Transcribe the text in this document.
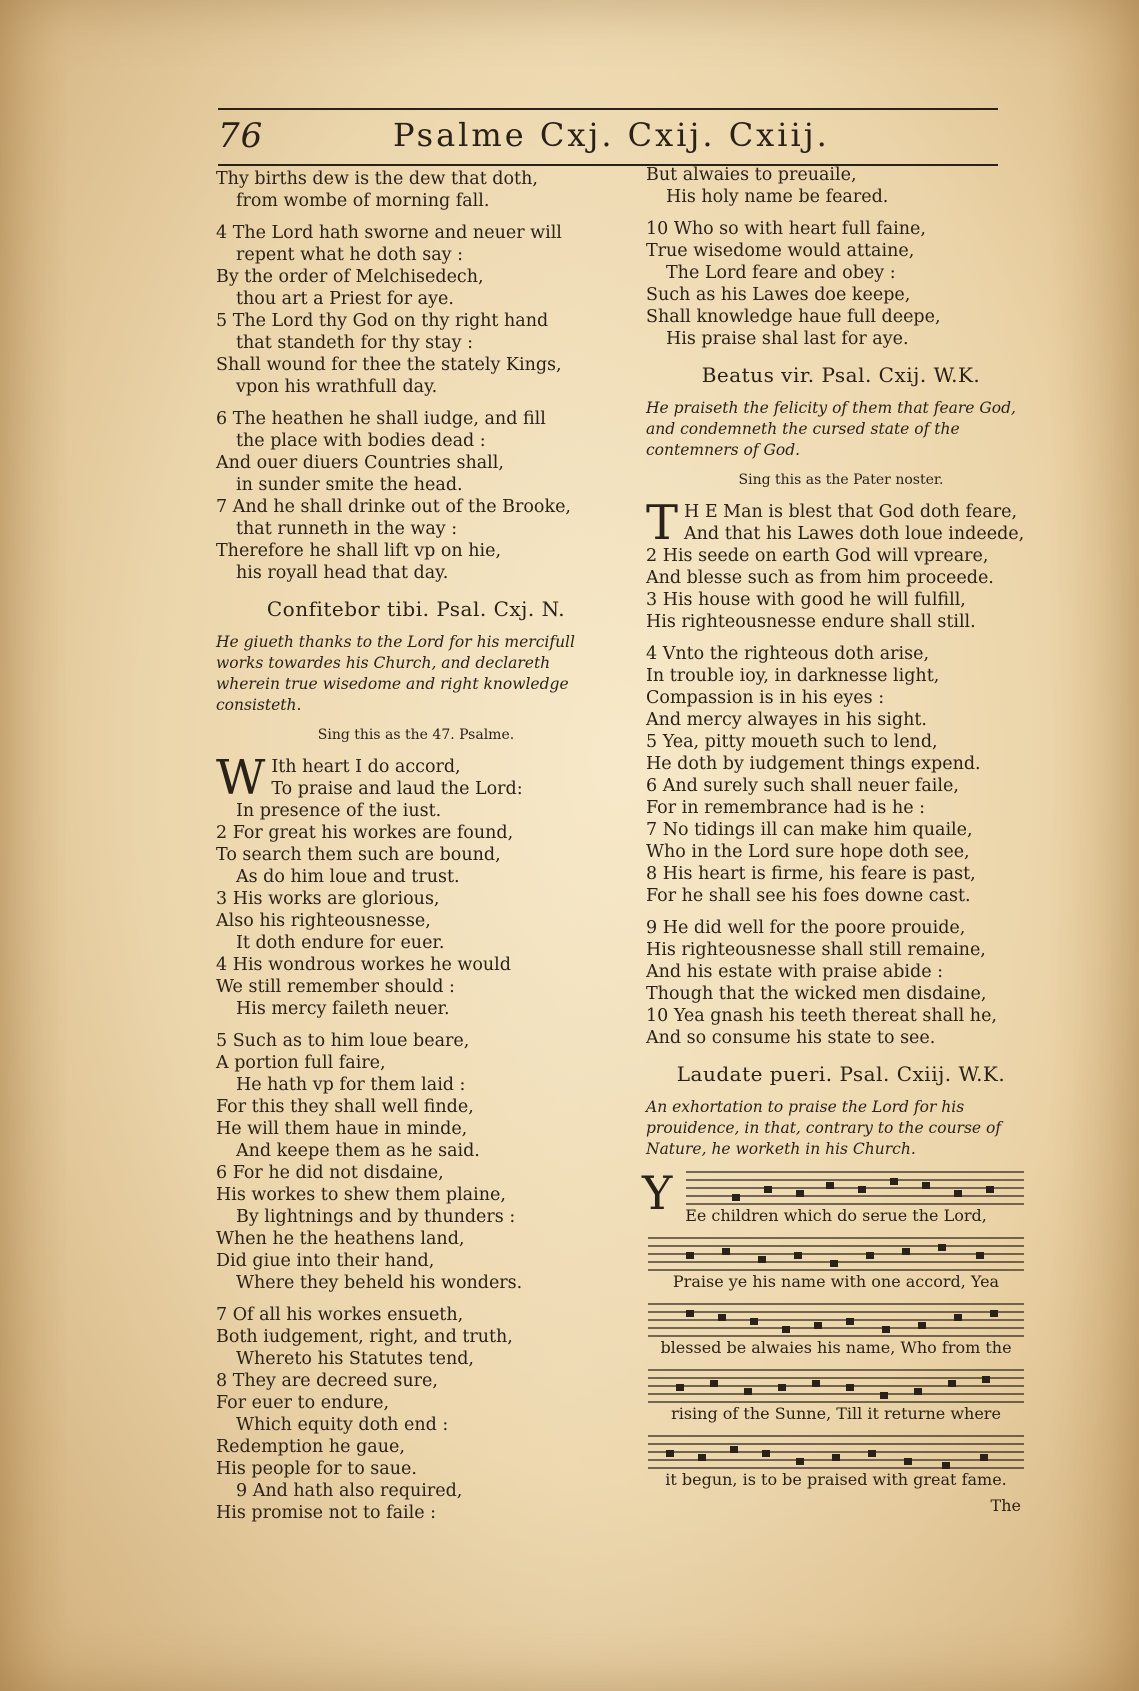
76	Psalme Cxj. Cxij. Cxiij.
Thy births dew is the dew that doth,
from wombe of morning fall.
4 The Lord hath sworne and neuer will
repent what he doth say :
By the order of Melchisedech,
thou art a Priest for aye.
5 The Lord thy God on thy right hand
that standeth for thy stay :
Shall wound for thee the stately Kings,
vpon his wrathfull day.
6 The heathen he shall iudge, and fill
the place with bodies dead :
And ouer diuers Countries shall,
in sunder smite the head.
7 And he shall drinke out of the Brooke,
that runneth in the way :
Therefore he shall lift vp on hie,
his royall head that day.
Confitebor tibi. Psal. Cxj. N.
He giueth thanks to the Lord for his mercifull works towardes his Church, and declareth wherein true wisedome and right knowledge consisteth.
Sing this as the 47. Psalme.
W Ith heart I do accord,
To praise and laud the Lord:
In presence of the iust.
2 For great his workes are found,
To search them such are bound,
As do him loue and trust.
3 His works are glorious,
Also his righteousnesse,
It doth endure for euer.
4 His wondrous workes he would
We still remember should :
His mercy faileth neuer.
5 Such as to him loue beare,
A portion full faire,
He hath vp for them laid :
For this they shall well finde,
He will them haue in minde,
And keepe them as he said.
6 For he did not disdaine,
His workes to shew them plaine,
By lightnings and by thunders :
When he the heathens land,
Did giue into their hand,
Where they beheld his wonders.
7 Of all his workes ensueth,
Both iudgement, right, and truth,
Whereto his Statutes tend,
8 They are decreed sure,
For euer to endure,
Which equity doth end :
Redemption he gaue,
His people for to saue.
9 And hath also required,
His promise not to faile :
But alwaies to preuaile,
His holy name be feared.
10 Who so with heart full faine,
True wisedome would attaine,
The Lord feare and obey :
Such as his Lawes doe keepe,
Shall knowledge haue full deepe,
His praise shal last for aye.
Beatus vir. Psal. Cxij. W.K.
He praiseth the felicity of them that feare God, and condemneth the cursed state of the contemners of God.
Sing this as the Pater noster.
T H E Man is blest that God doth feare,
And that his Lawes doth loue indeede,
2 His seede on earth God will vpreare,
And blesse such as from him proceede.
3 His house with good he will fulfill,
His righteousnesse endure shall still.
4 Vnto the righteous doth arise,
In trouble ioy, in darknesse light,
Compassion is in his eyes :
And mercy alwayes in his sight.
5 Yea, pitty moueth such to lend,
He doth by iudgement things expend.
6 And surely such shall neuer faile,
For in remembrance had is he :
7 No tidings ill can make him quaile,
Who in the Lord sure hope doth see,
8 His heart is firme, his feare is past,
For he shall see his foes downe cast.
9 He did well for the poore prouide,
His righteousnesse shall still remaine,
And his estate with praise abide :
Though that the wicked men disdaine,
10 Yea gnash his teeth thereat shall he,
And so consume his state to see.
Laudate pueri. Psal. Cxiij. W.K.
An exhortation to praise the Lord for his prouidence, in that, contrary to the course of Nature, he worketh in his Church.
Y Ee children which do serue the Lord,
Praise ye his name with one accord, Yea
blessed be alwaies his name, Who from the
rising of the Sunne, Till it returne where
it begun, is to be praised with great fame.
The
